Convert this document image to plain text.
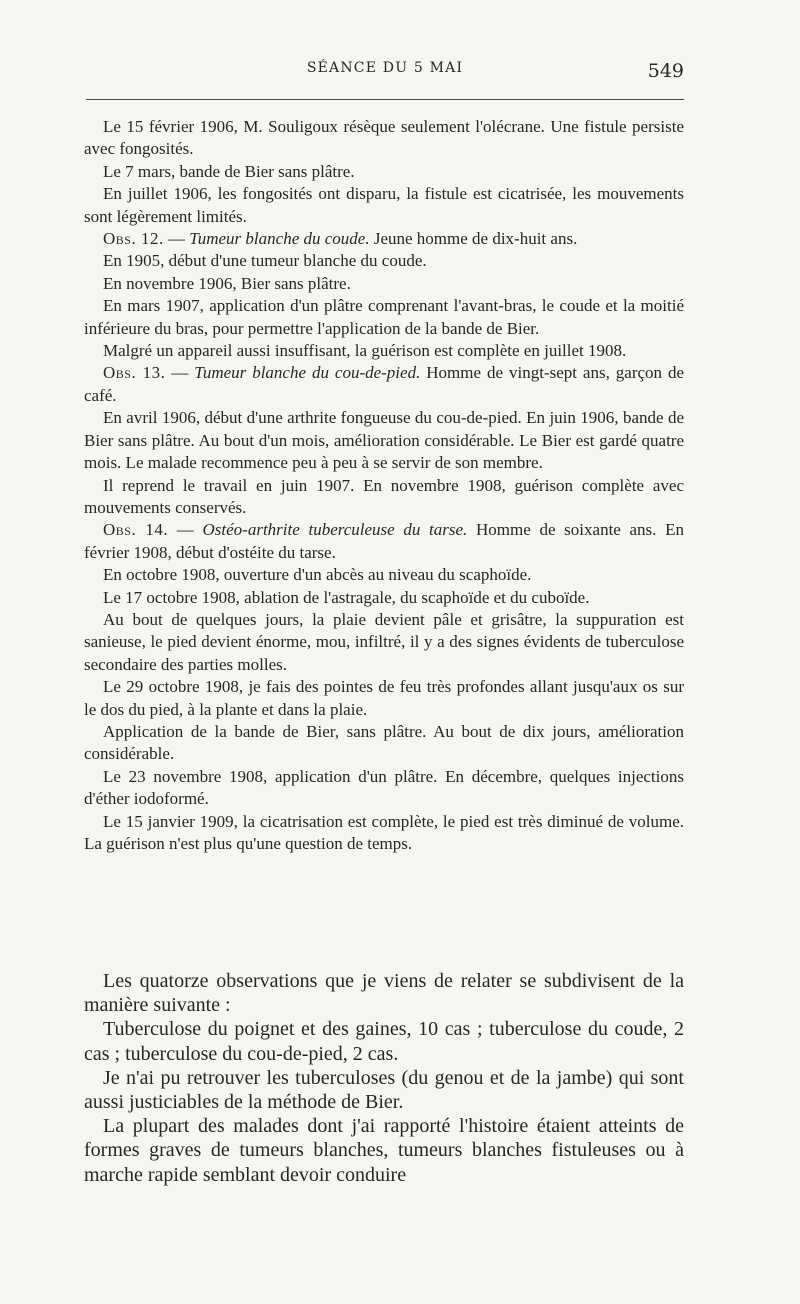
SÉANCE DU 5 MAI	549

Le 15 février 1906, M. Souligoux résèque seulement l'olécrane. Une fistule persiste avec fongosités.

Le 7 mars, bande de Bier sans plâtre.

En juillet 1906, les fongosités ont disparu, la fistule est cicatrisée, les mouvements sont légèrement limités.

Obs. 12. — Tumeur blanche du coude. Jeune homme de dix-huit ans.

En 1905, début d'une tumeur blanche du coude.

En novembre 1906, Bier sans plâtre.

En mars 1907, application d'un plâtre comprenant l'avant-bras, le coude et la moitié inférieure du bras, pour permettre l'application de la bande de Bier.

Malgré un appareil aussi insuffisant, la guérison est complète en juillet 1908.

Obs. 13. — Tumeur blanche du cou-de-pied. Homme de vingt-sept ans, garçon de café.

En avril 1906, début d'une arthrite fongueuse du cou-de-pied. En juin 1906, bande de Bier sans plâtre. Au bout d'un mois, amélioration considérable. Le Bier est gardé quatre mois. Le malade recommence peu à peu à se servir de son membre.

Il reprend le travail en juin 1907. En novembre 1908, guérison complète avec mouvements conservés.

Obs. 14. — Ostéo-arthrite tuberculeuse du tarse. Homme de soixante ans. En février 1908, début d'ostéite du tarse.

En octobre 1908, ouverture d'un abcès au niveau du scaphoïde.

Le 17 octobre 1908, ablation de l'astragale, du scaphoïde et du cuboïde.

Au bout de quelques jours, la plaie devient pâle et grisâtre, la suppuration est sanieuse, le pied devient énorme, mou, infiltré, il y a des signes évidents de tuberculose secondaire des parties molles.

Le 29 octobre 1908, je fais des pointes de feu très profondes allant jusqu'aux os sur le dos du pied, à la plante et dans la plaie.

Application de la bande de Bier, sans plâtre. Au bout de dix jours, amélioration considérable.

Le 23 novembre 1908, application d'un plâtre. En décembre, quelques injections d'éther iodoformé.

Le 15 janvier 1909, la cicatrisation est complète, le pied est très diminué de volume. La guérison n'est plus qu'une question de temps.

Les quatorze observations que je viens de relater se subdivisent de la manière suivante :

Tuberculose du poignet et des gaines, 10 cas ; tuberculose du coude, 2 cas ; tuberculose du cou-de-pied, 2 cas.

Je n'ai pu retrouver les tuberculoses (du genou et de la jambe) qui sont aussi justiciables de la méthode de Bier.

La plupart des malades dont j'ai rapporté l'histoire étaient atteints de formes graves de tumeurs blanches, tumeurs blanches fistuleuses ou à marche rapide semblant devoir conduire
